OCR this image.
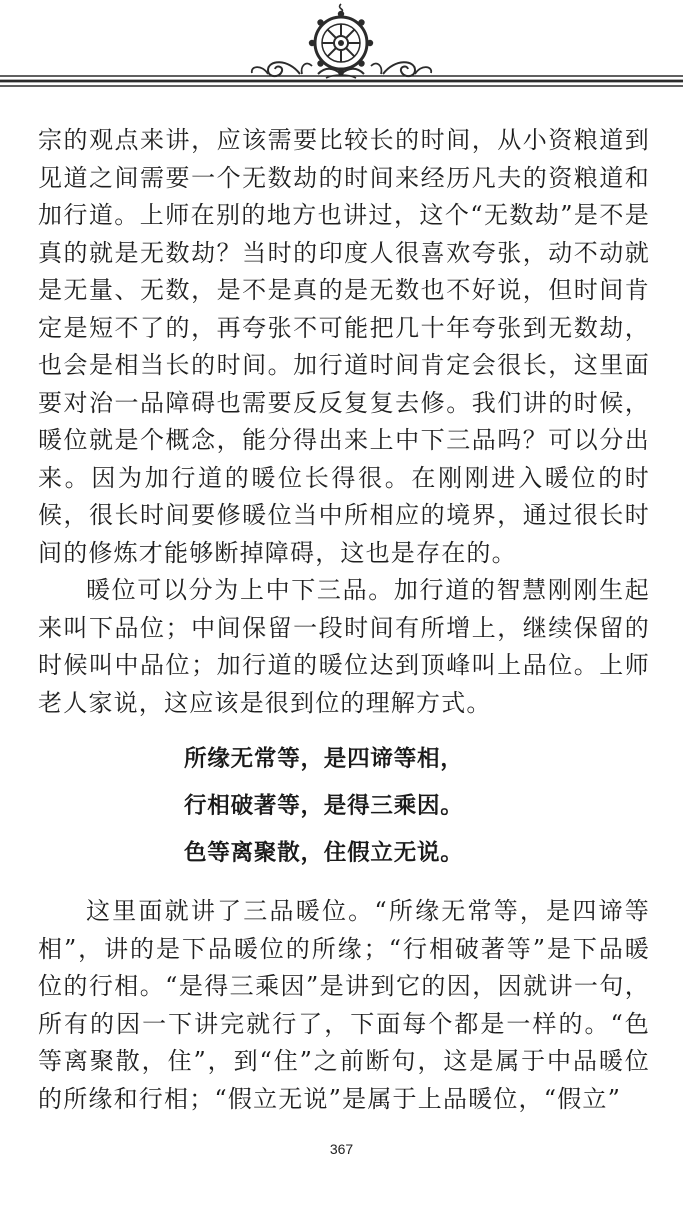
宗的观点来讲，应该需要比较长的时间，从小资粮道到见道之间需要一个无数劫的时间来经历凡夫的资粮道和加行道。上师在别的地方也讲过，这个“无数劫”是不是真的就是无数劫？当时的印度人很喜欢夸张，动不动就是无量、无数，是不是真的是无数也不好说，但时间肯定是短不了的，再夸张不可能把几十年夸张到无数劫，也会是相当长的时间。加行道时间肯定会很长，这里面要对治一品障碍也需要反反复复去修。我们讲的时候，暖位就是个概念，能分得出来上中下三品吗？可以分出来。因为加行道的暖位长得很。在刚刚进入暖位的时候，很长时间要修暖位当中所相应的境界，通过很长时间的修炼才能够断掉障碍，这也是存在的。

暖位可以分为上中下三品。加行道的智慧刚刚生起来叫下品位；中间保留一段时间有所增上，继续保留的时候叫中品位；加行道的暖位达到顶峰叫上品位。上师老人家说，这应该是很到位的理解方式。

所缘无常等，是四谛等相，
行相破著等，是得三乘因。
色等离聚散，住假立无说。

这里面就讲了三品暖位。“所缘无常等，是四谛等相”，讲的是下品暖位的所缘；“行相破著等”是下品暖位的行相。“是得三乘因”是讲到它的因，因就讲一句，所有的因一下讲完就行了，下面每个都是一样的。“色等离聚散，住”，到“住”之前断句，这是属于中品暖位的所缘和行相；“假立无说”是属于上品暖位，“假立”

367
